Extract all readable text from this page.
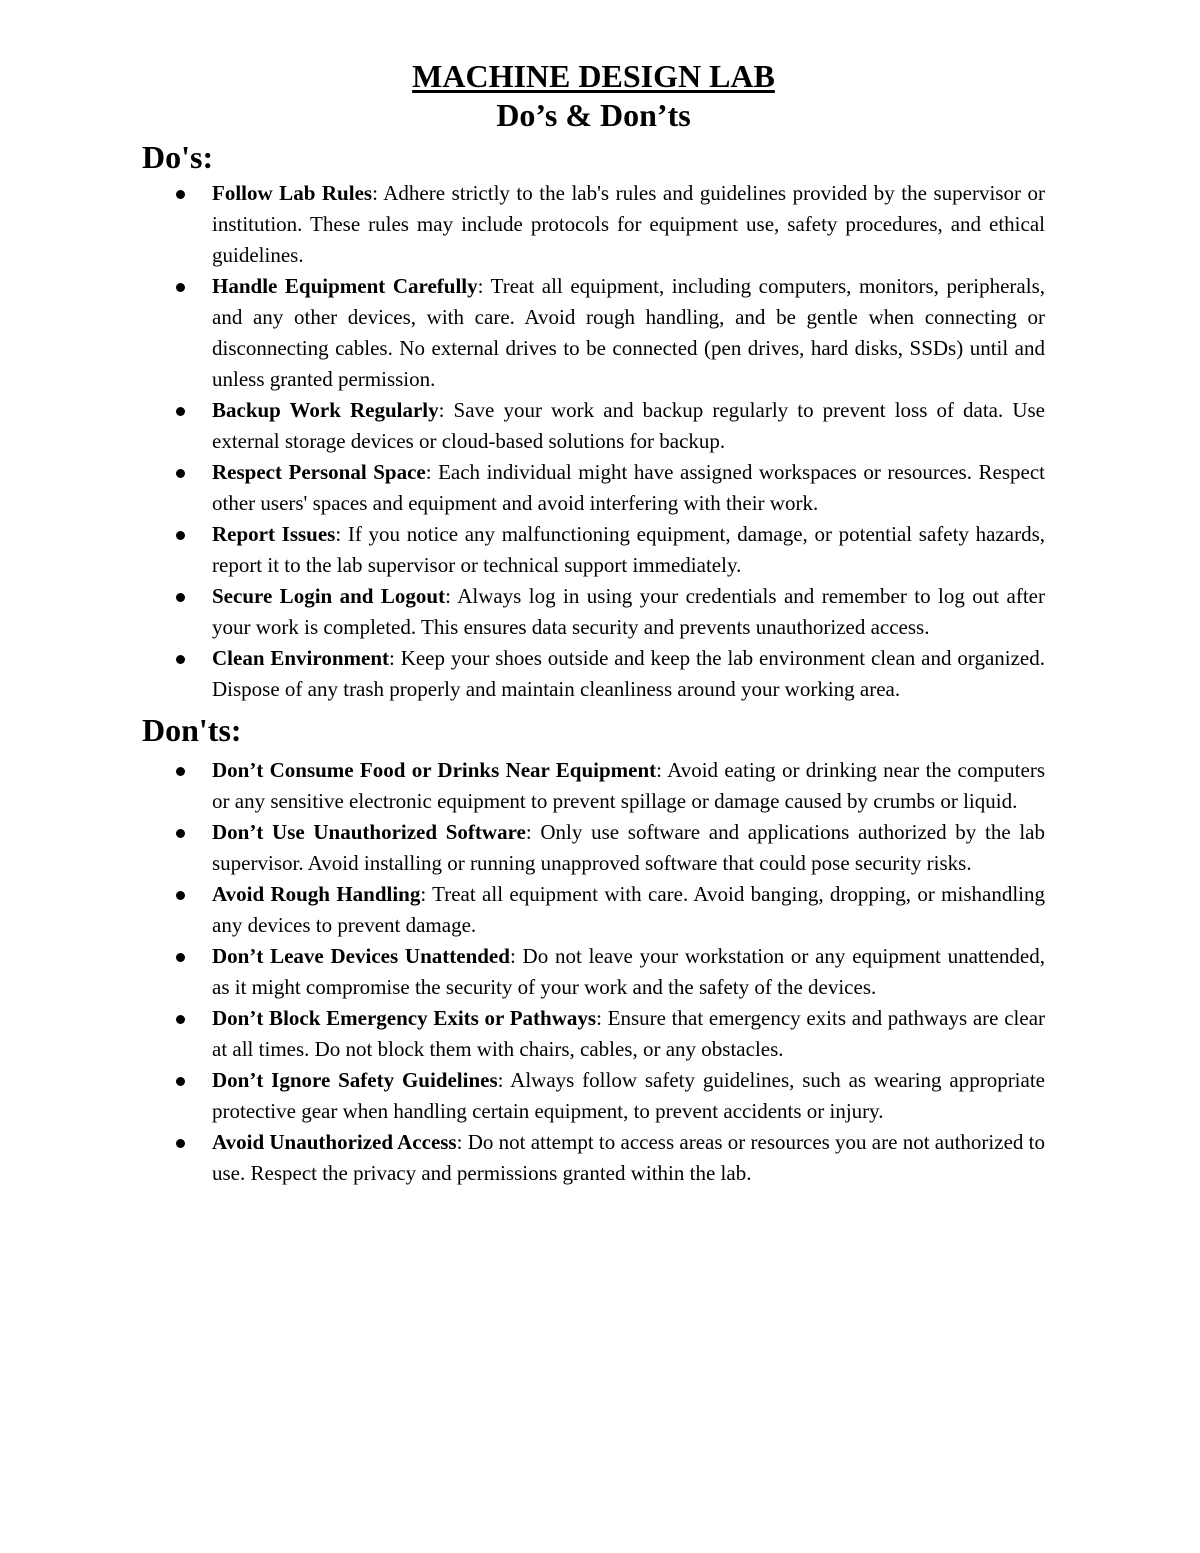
MACHINE DESIGN LAB
Do’s & Don’ts
Do's:
Follow Lab Rules: Adhere strictly to the lab's rules and guidelines provided by the supervisor or institution. These rules may include protocols for equipment use, safety procedures, and ethical guidelines.
Handle Equipment Carefully: Treat all equipment, including computers, monitors, peripherals, and any other devices, with care. Avoid rough handling, and be gentle when connecting or disconnecting cables. No external drives to be connected (pen drives, hard disks, SSDs) until and unless granted permission.
Backup Work Regularly: Save your work and backup regularly to prevent loss of data. Use external storage devices or cloud-based solutions for backup.
Respect Personal Space: Each individual might have assigned workspaces or resources. Respect other users' spaces and equipment and avoid interfering with their work.
Report Issues: If you notice any malfunctioning equipment, damage, or potential safety hazards, report it to the lab supervisor or technical support immediately.
Secure Login and Logout: Always log in using your credentials and remember to log out after your work is completed. This ensures data security and prevents unauthorized access.
Clean Environment: Keep your shoes outside and keep the lab environment clean and organized. Dispose of any trash properly and maintain cleanliness around your working area.
Don'ts:
Don’t Consume Food or Drinks Near Equipment: Avoid eating or drinking near the computers or any sensitive electronic equipment to prevent spillage or damage caused by crumbs or liquid.
Don’t Use Unauthorized Software: Only use software and applications authorized by the lab supervisor. Avoid installing or running unapproved software that could pose security risks.
Avoid Rough Handling: Treat all equipment with care. Avoid banging, dropping, or mishandling any devices to prevent damage.
Don’t Leave Devices Unattended: Do not leave your workstation or any equipment unattended, as it might compromise the security of your work and the safety of the devices.
Don’t Block Emergency Exits or Pathways: Ensure that emergency exits and pathways are clear at all times. Do not block them with chairs, cables, or any obstacles.
Don’t Ignore Safety Guidelines: Always follow safety guidelines, such as wearing appropriate protective gear when handling certain equipment, to prevent accidents or injury.
Avoid Unauthorized Access: Do not attempt to access areas or resources you are not authorized to use. Respect the privacy and permissions granted within the lab.
